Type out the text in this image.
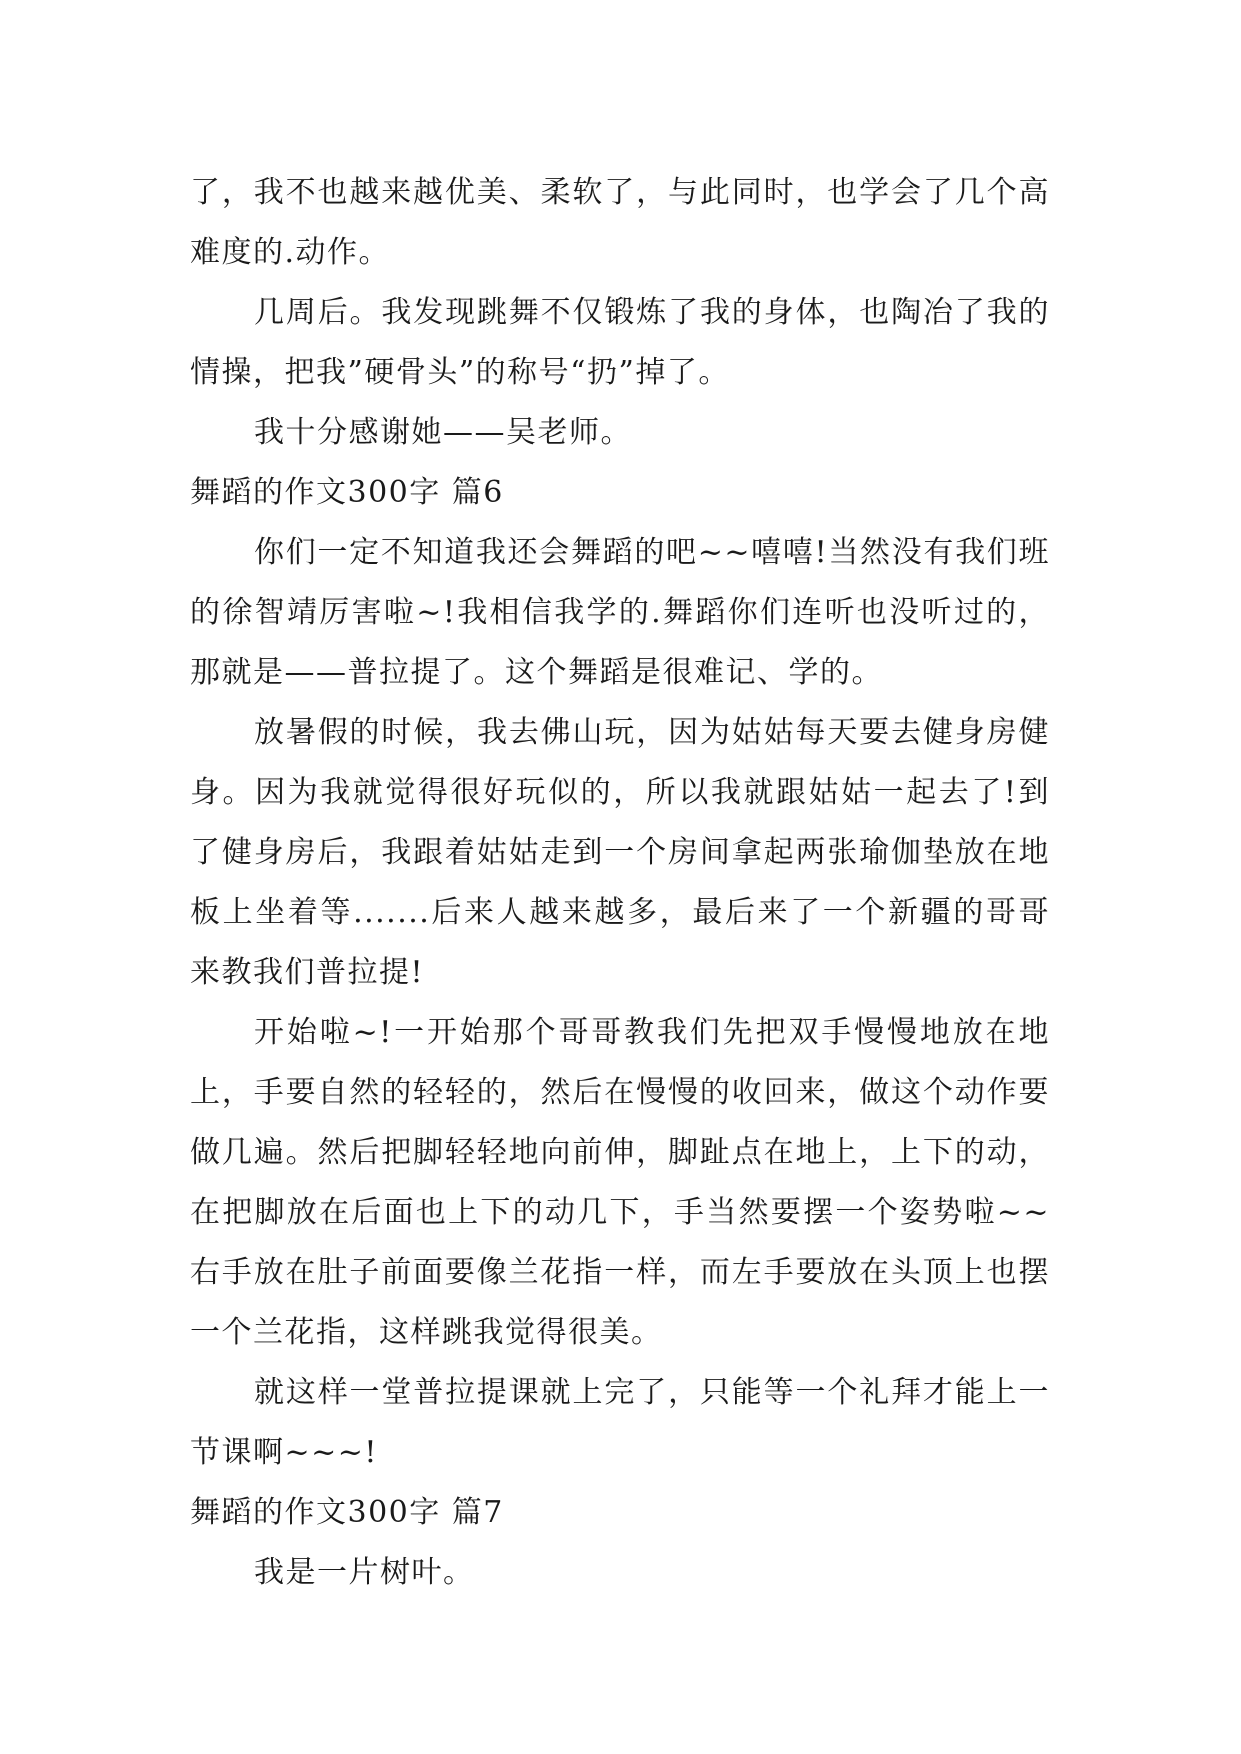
了，我不也越来越优美、柔软了，与此同时，也学会了几个高难度的.动作。

几周后。我发现跳舞不仅锻炼了我的身体，也陶冶了我的情操，把我”硬骨头”的称号“扔”掉了。

我十分感谢她——吴老师。

舞蹈的作文300字 篇6

你们一定不知道我还会舞蹈的吧~~嘻嘻!当然没有我们班的徐智靖厉害啦~!我相信我学的.舞蹈你们连听也没听过的，那就是——普拉提了。这个舞蹈是很难记、学的。

放暑假的时候，我去佛山玩，因为姑姑每天要去健身房健身。因为我就觉得很好玩似的，所以我就跟姑姑一起去了!到了健身房后，我跟着姑姑走到一个房间拿起两张瑜伽垫放在地板上坐着等.......后来人越来越多，最后来了一个新疆的哥哥来教我们普拉提!

开始啦~!一开始那个哥哥教我们先把双手慢慢地放在地上，手要自然的轻轻的，然后在慢慢的收回来，做这个动作要做几遍。然后把脚轻轻地向前伸，脚趾点在地上，上下的动，在把脚放在后面也上下的动几下，手当然要摆一个姿势啦~~右手放在肚子前面要像兰花指一样，而左手要放在头顶上也摆一个兰花指，这样跳我觉得很美。

就这样一堂普拉提课就上完了，只能等一个礼拜才能上一节课啊~~~!

舞蹈的作文300字 篇7

我是一片树叶。
